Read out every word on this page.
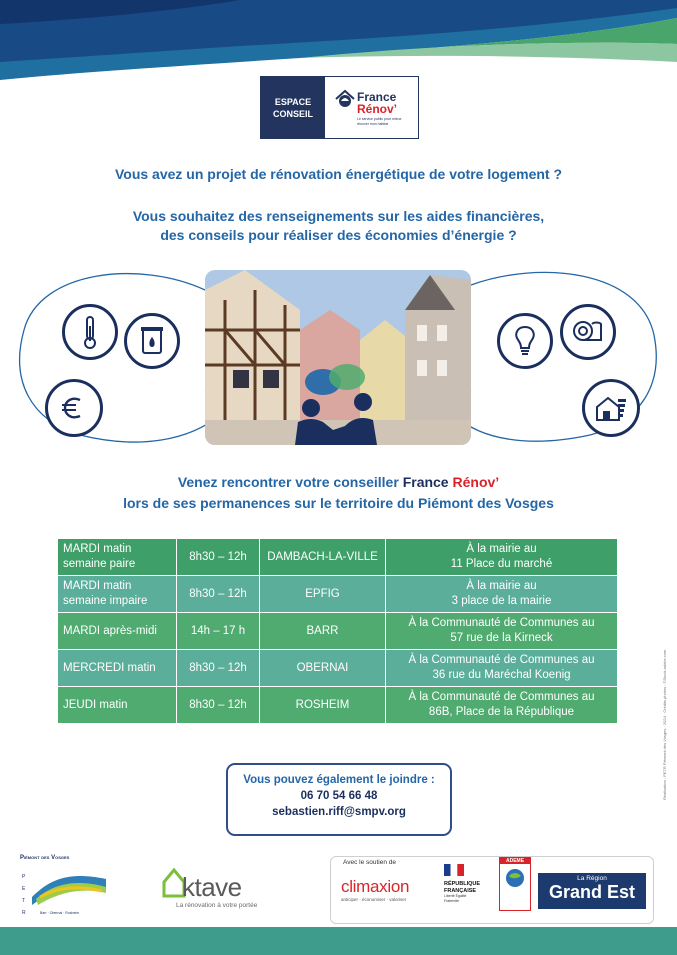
ESPACE
CONSEIL
France
Rénov’
Le service public pour mieux rénover mon habitat
Vous avez un projet de rénovation énergétique de votre logement ?
Vous souhaitez des renseignements sur les aides financières,
des conseils pour réaliser des économies d’énergie ?
Venez rencontrer votre conseiller France Rénov’
lors de ses permanences sur le territoire du Piémont des Vosges
MARDI matin semaine paire	8h30 – 12h	DAMBACH-LA-VILLE	À la mairie au
11 Place du marché

MARDI matin semaine impaire	8h30 – 12h	EPFIG	À la mairie au
3 place de la mairie

MARDI après-midi	14h – 17 h	BARR	À la Communauté de Communes au
57 rue de la Kirneck

MERCREDI matin	8h30 – 12h	OBERNAI	À la Communauté de Communes au
36 rue du Maréchal Koenig

JEUDI matin	8h30 – 12h	ROSHEIM	À la Communauté de Communes au
86B, Place de la République
Vous pouvez également le joindre :
06 70 54 66 48
sebastien.riff@smpv.org
Piémont des Vosges
P
E
T
R	Barr · Obernai · Rosheim
ktave
La rénovation à votre portée
Avec le soutien de
climaxion
anticiper · économiser · valoriser
RÉPUBLIQUE
FRANÇAISE
Liberté Égalité Fraternité
ADEME
La Région
Grand Est
Réalisation : PETR Piémont des Vosges · 2024 · Crédits photos : ©Stock.adobe.com
